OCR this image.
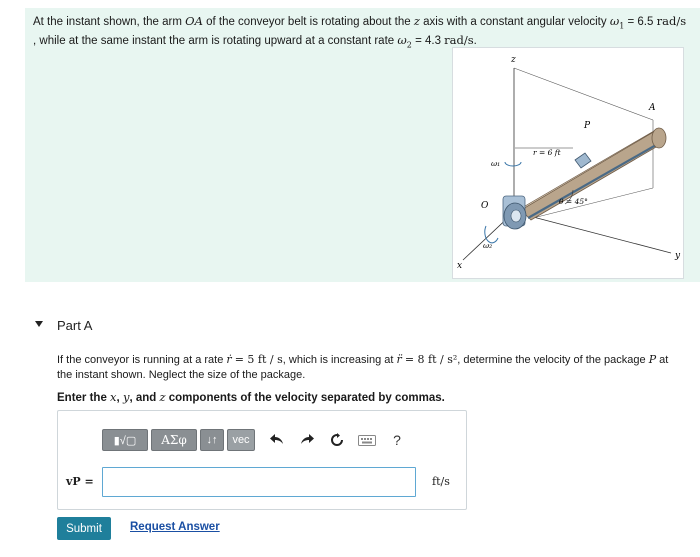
At the instant shown, the arm OA of the conveyor belt is rotating about the z axis with a constant angular velocity $\omega_1 = 6.5$ rad/s
, while at the same instant the arm is rotating upward at a constant rate $\omega_2 = 4.3$ rad/s.
z
x
y
O
A
P
r = 6 ft
θ = 45°
ω₁
ω₂
Part A
If the conveyor is running at a rate ṙ = 5 ft / s, which is increasing at r̈ = 8 ft / s², determine the velocity of the package P at
the instant shown. Neglect the size of the package.
Enter the x, y, and z components of the velocity separated by commas.
▮√▢	ΑΣφ	↓↑	vec	?
vP =	ft/s
Submit	Request Answer
